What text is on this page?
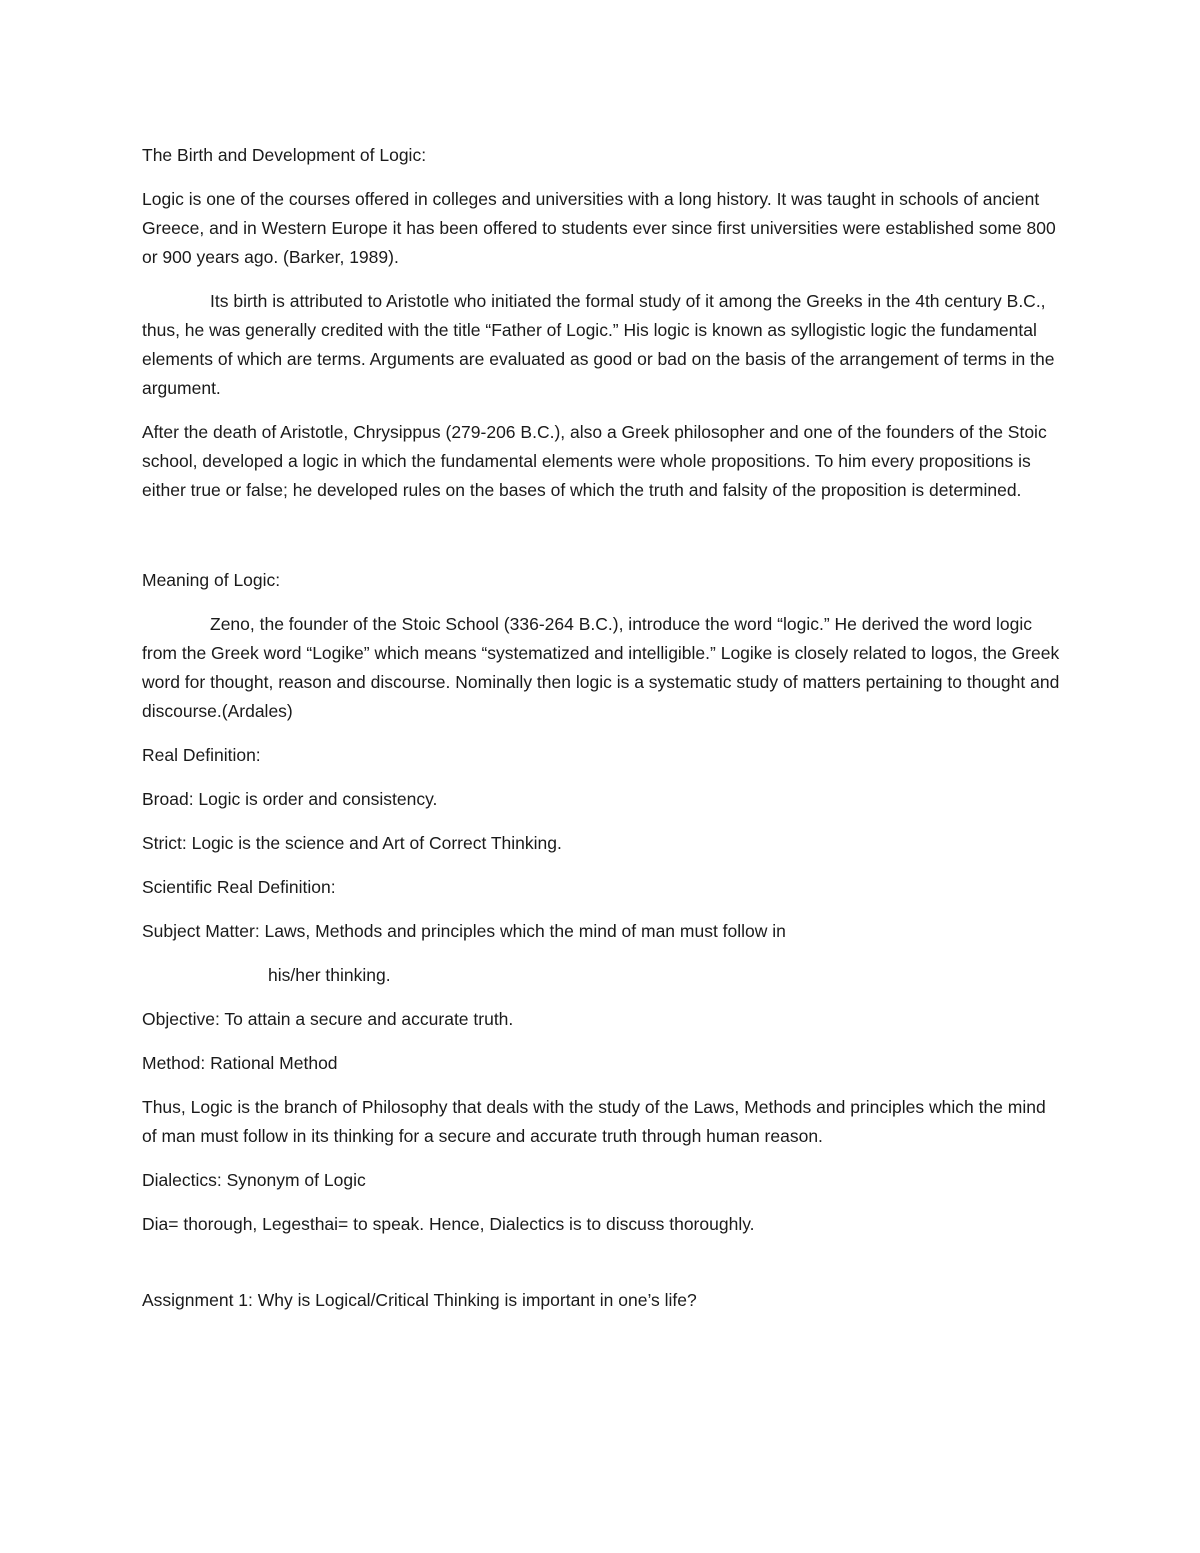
The Birth and Development of Logic:

Logic is one of the courses offered in colleges and universities with a long history. It was taught in schools of ancient Greece, and in Western Europe it has been offered to students ever since first universities were established some 800 or 900 years ago. (Barker, 1989).

Its birth is attributed to Aristotle who initiated the formal study of it among the Greeks in the 4th century B.C., thus, he was generally credited with the title “Father of Logic.” His logic is known as syllogistic logic the fundamental elements of which are terms. Arguments are evaluated as good or bad on the basis of the arrangement of terms in the argument.

After the death of Aristotle, Chrysippus (279-206 B.C.), also a Greek philosopher and one of the founders of the Stoic school, developed a logic in which the fundamental elements were whole propositions. To him every propositions is either true or false; he developed rules on the bases of which the truth and falsity of the proposition is determined.

Meaning of Logic:

Zeno, the founder of the Stoic School (336-264 B.C.), introduce the word “logic.” He derived the word logic from the Greek word “Logike” which means “systematized and intelligible.” Logike is closely related to logos, the Greek word for thought, reason and discourse. Nominally then logic is a systematic study of matters pertaining to thought and discourse.(Ardales)

Real Definition:

Broad: Logic is order and consistency.

Strict: Logic is the science and Art of Correct Thinking.

Scientific Real Definition:

Subject Matter: Laws, Methods and principles which the mind of man must follow in

his/her thinking.

Objective: To attain a secure and accurate truth.

Method: Rational Method

Thus, Logic is the branch of Philosophy that deals with the study of the Laws, Methods and principles which the mind of man must follow in its thinking for a secure and accurate truth through human reason.

Dialectics: Synonym of Logic

Dia= thorough, Legesthai= to speak. Hence, Dialectics is to discuss thoroughly.

Assignment 1: Why is Logical/Critical Thinking is important in one’s life?
